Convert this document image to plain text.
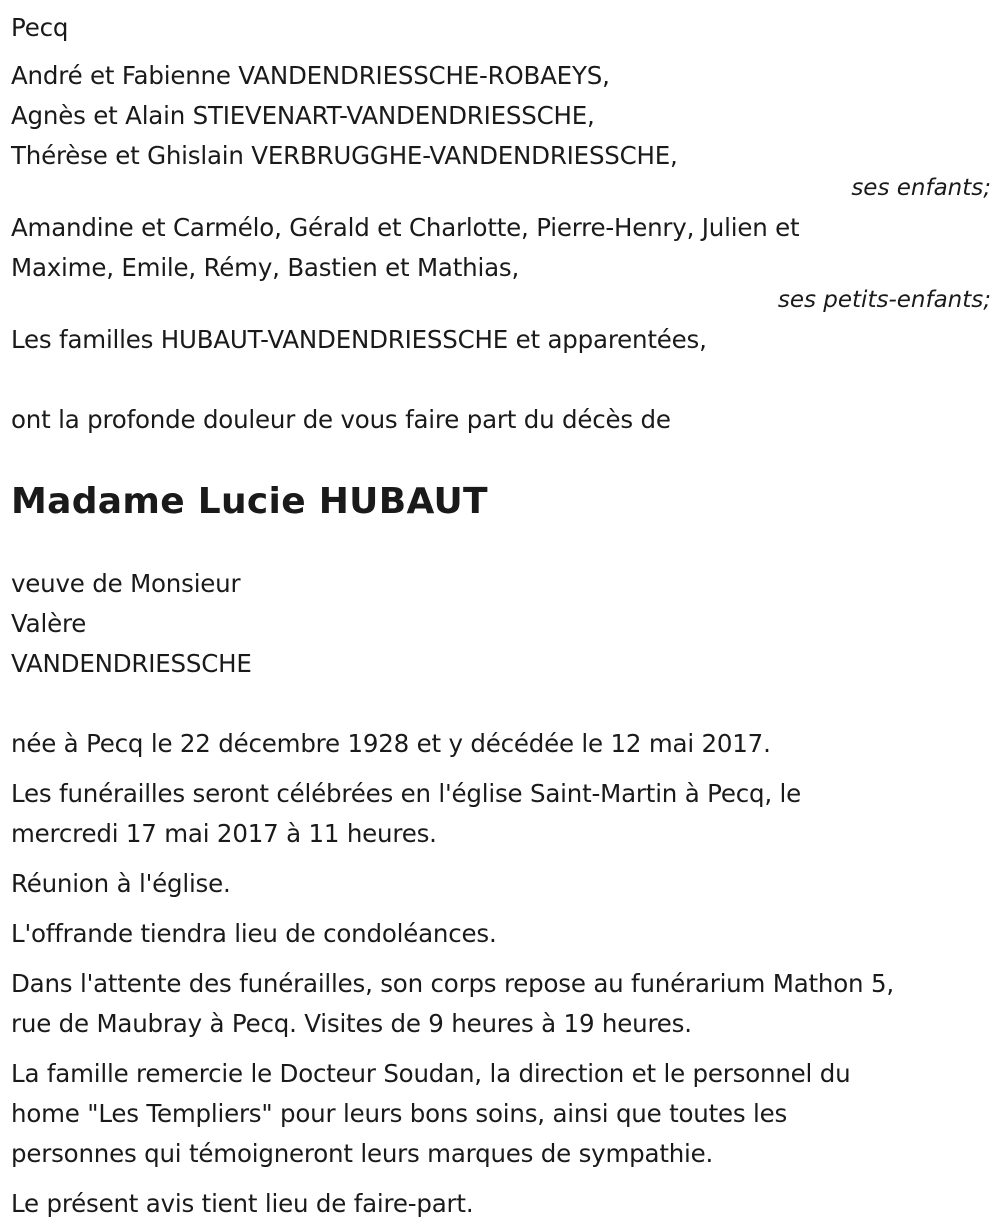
Pecq
André et Fabienne VANDENDRIESSCHE-ROBAEYS,
Agnès et Alain STIEVENART-VANDENDRIESSCHE,
Thérèse et Ghislain VERBRUGGHE-VANDENDRIESSCHE,
ses enfants;
Amandine et Carmélo, Gérald et Charlotte, Pierre-Henry, Julien et
Maxime, Emile, Rémy, Bastien et Mathias,
ses petits-enfants;
Les familles HUBAUT-VANDENDRIESSCHE et apparentées,
ont la profonde douleur de vous faire part du décès de
Madame Lucie HUBAUT
veuve de Monsieur
Valère
VANDENDRIESSCHE
née à Pecq le 22 décembre 1928 et y décédée le 12 mai 2017.
Les funérailles seront célébrées en l'église Saint-Martin à Pecq, le
mercredi 17 mai 2017 à 11 heures.
Réunion à l'église.
L'offrande tiendra lieu de condoléances.
Dans l'attente des funérailles, son corps repose au funérarium Mathon 5,
rue de Maubray à Pecq. Visites de 9 heures à 19 heures.
La famille remercie le Docteur Soudan, la direction et le personnel du
home "Les Templiers" pour leurs bons soins, ainsi que toutes les
personnes qui témoigneront leurs marques de sympathie.
Le présent avis tient lieu de faire-part.
